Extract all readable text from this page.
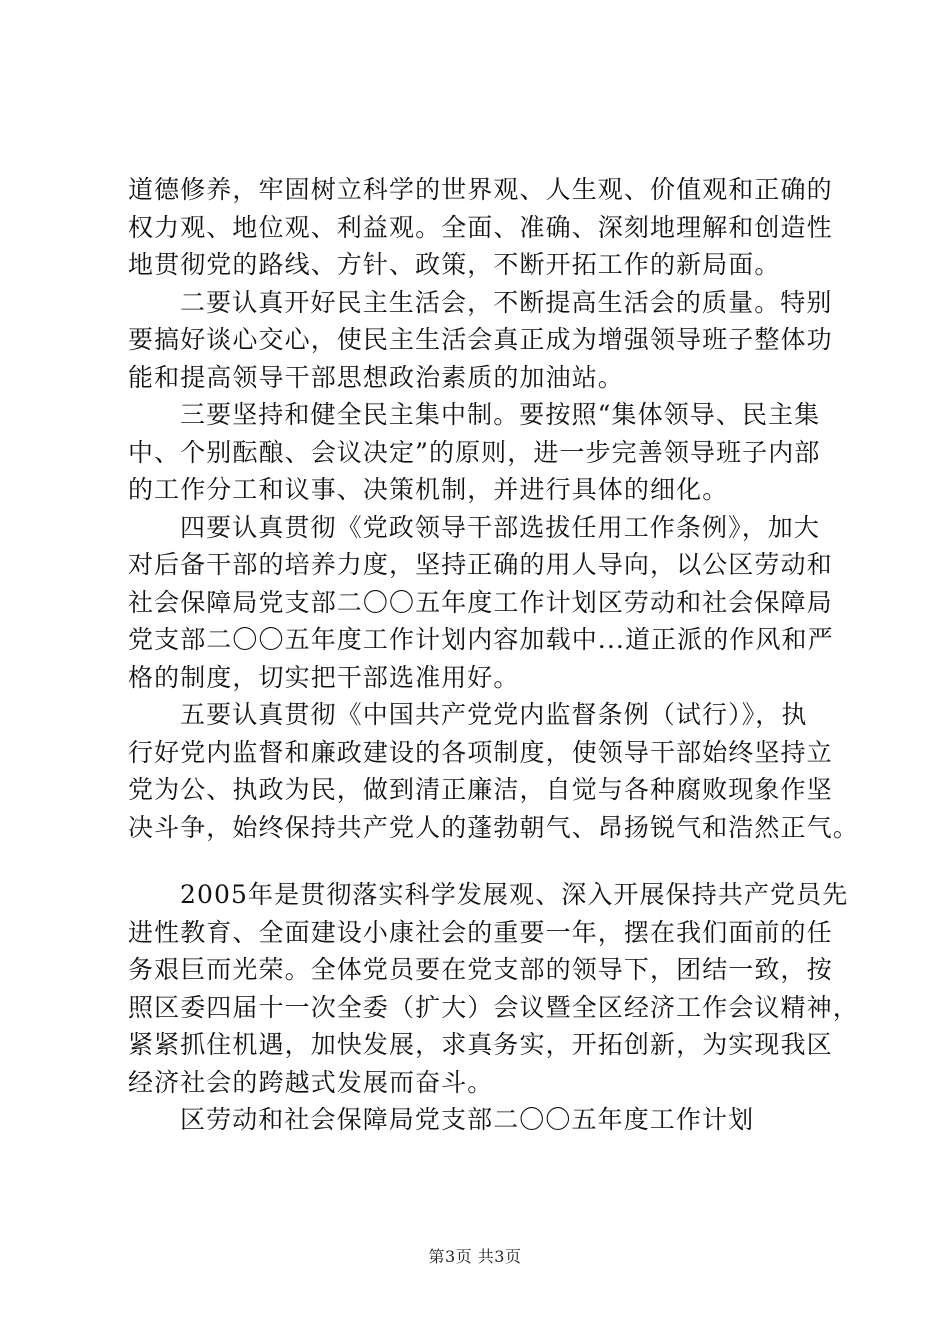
道德修养，牢固树立科学的世界观、人生观、价值观和正确的
权力观、地位观、利益观。全面、准确、深刻地理解和创造性
地贯彻党的路线、方针、政策，不断开拓工作的新局面。
二要认真开好民主生活会，不断提高生活会的质量。特别
要搞好谈心交心，使民主生活会真正成为增强领导班子整体功
能和提高领导干部思想政治素质的加油站。
三要坚持和健全民主集中制。要按照“集体领导、民主集
中、个别酝酿、会议决定”的原则，进一步完善领导班子内部
的工作分工和议事、决策机制，并进行具体的细化。
四要认真贯彻《党政领导干部选拔任用工作条例》，加大
对后备干部的培养力度，坚持正确的用人导向，以公区劳动和
社会保障局党支部二〇〇五年度工作计划区劳动和社会保障局
党支部二〇〇五年度工作计划内容加载中...道正派的作风和严
格的制度，切实把干部选准用好。
五要认真贯彻《中国共产党党内监督条例（试行）》，执
行好党内监督和廉政建设的各项制度，使领导干部始终坚持立
党为公、执政为民，做到清正廉洁，自觉与各种腐败现象作坚
决斗争，始终保持共产党人的蓬勃朝气、昂扬锐气和浩然正气。
2005年是贯彻落实科学发展观、深入开展保持共产党员先
进性教育、全面建设小康社会的重要一年，摆在我们面前的任
务艰巨而光荣。全体党员要在党支部的领导下，团结一致，按
照区委四届十一次全委（扩大）会议暨全区经济工作会议精神，
紧紧抓住机遇，加快发展，求真务实，开拓创新，为实现我区
经济社会的跨越式发展而奋斗。
区劳动和社会保障局党支部二〇〇五年度工作计划
第3页 共3页
